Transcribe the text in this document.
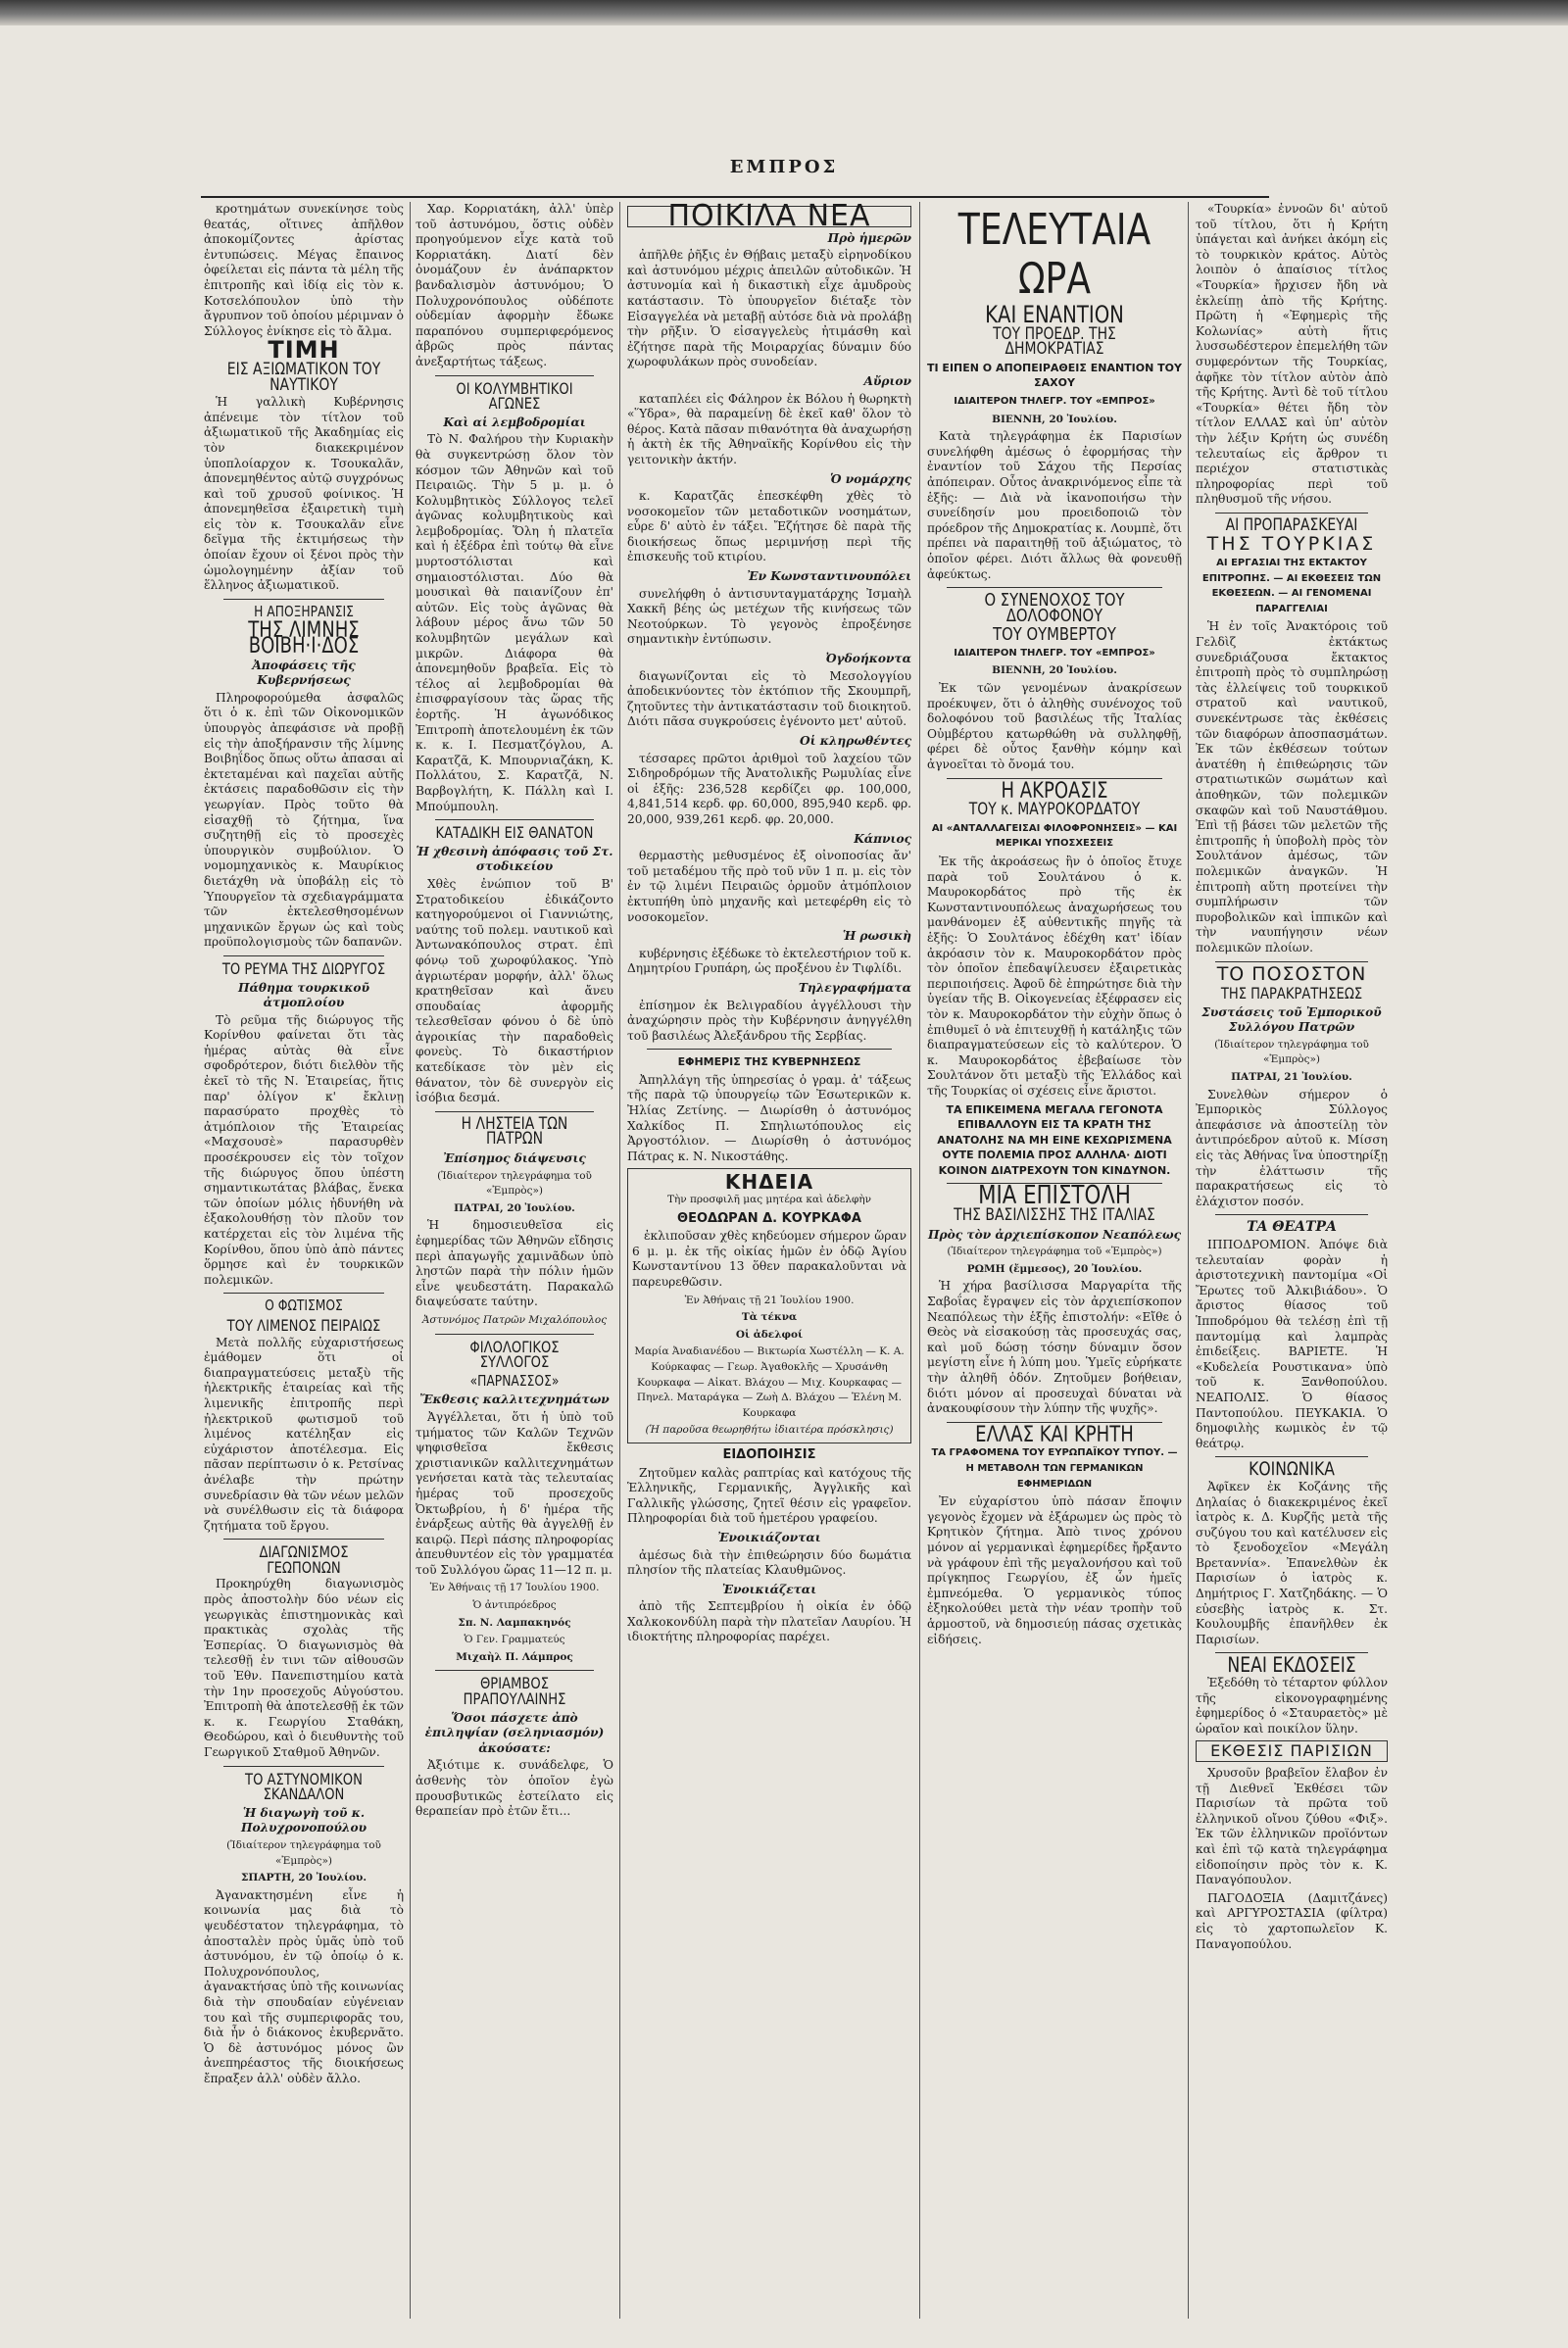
ΕΜΠΡΟΣ

κροτημάτων συνεκίνησε τοὺς θεατάς, οἵτινες ἀπῆλθον ἀποκομίζοντες ἀρίστας ἐντυπώσεις. Μέγας ἔπαινος ὀφείλεται εἰς πάντα τὰ μέλη τῆς ἐπιτροπῆς καὶ ἰδίᾳ εἰς τὸν κ. Κοτσελόπουλον ὑπὸ τὴν ἄγρυπνον τοῦ ὁποίου μέριμναν ὁ Σύλλογος ἐνίκησε εἰς τὸ ἄλμα.

ΤΙΜΗ
ΕΙΣ ΑΞΙΩΜΑΤΙΚΟΝ ΤΟΥ ΝΑΥΤΙΚΟΥ

Ἡ γαλλικὴ Κυβέρνησις ἀπένειμε τὸν τίτλον τοῦ ἀξιωματικοῦ τῆς Ἀκαδημίας εἰς τὸν διακεκριμένον ὑποπλοίαρχον κ. Τσουκαλᾶν, ἀπονεμηθέντος αὐτῷ συγχρόνως καὶ τοῦ χρυσοῦ φοίνικος. Ἡ ἀπονεμηθεῖσα ἐξαιρετικὴ τιμὴ εἰς τὸν κ. Τσουκαλᾶν εἶνε δεῖγμα τῆς ἐκτιμήσεως τὴν ὁποίαν ἔχουν οἱ ξένοι πρὸς τὴν ὡμολογημένην ἀξίαν τοῦ ἕλληνος ἀξιωματικοῦ.

Η ΑΠΟΞΗΡΑΝΣΙΣ
ΤΗΣ ΛΙΜΝΗΣ ΒΟΙΒΗ·Ι·ΔΟΣ
Ἀποφάσεις τῆς Κυβερνήσεως

Πληροφορούμεθα ἀσφαλῶς ὅτι ὁ κ. ἐπὶ τῶν Οἰκονομικῶν ὑπουργὸς ἀπεφάσισε νὰ προβῇ εἰς τὴν ἀποξήρανσιν τῆς λίμνης Βοιβηΐδος ὅπως οὕτω ἀπασαι αἱ ἐκτεταμέναι καὶ παχεῖαι αὐτῆς ἐκτάσεις παραδοθῶσιν εἰς τὴν γεωργίαν. Πρὸς τοῦτο θὰ εἰσαχθῇ τὸ ζήτημα, ἵνα συζητηθῇ εἰς τὸ προσεχὲς ὑπουργικὸν συμβούλιον. Ὁ νομομηχανικὸς κ. Μαυρίκιος διετάχθη νὰ ὑποβάλῃ εἰς τὸ Ὑπουργεῖον τὰ σχεδιαγράμματα τῶν ἐκτελεσθησομένων μηχανικῶν ἔργων ὡς καὶ τοὺς προϋπολογισμοὺς τῶν δαπανῶν.

ΤΟ ΡΕΥΜΑ ΤΗΣ ΔΙΩΡΥΓΟΣ
Πάθημα τουρκικοῦ ἀτμοπλοίου

Τὸ ρεῦμα τῆς διώρυγος τῆς Κορίνθου φαίνεται ὅτι τὰς ἡμέρας αὐτὰς θὰ εἶνε σφοδρότερον, διότι διελθὸν τῆς ἐκεῖ τὸ τῆς Ν. Ἑταιρείας, ἥτις παρ' ὀλίγον κ' ἔκλινῃ παρασύρατο προχθὲς τὸ ἀτμόπλοιον τῆς Ἑταιρείας «Μαχσουσὲ» παρασυρθὲν προσέκρουσεν εἰς τὸν τοῖχον τῆς διώρυγος ὅπου ὑπέστη σημαντικωτάτας βλάβας, ἕνεκα τῶν ὁποίων μόλις ἠδυνήθη νὰ ἐξακολουθήσῃ τὸν πλοῦν τον κατέρχεται εἰς τὸν λιμένα τῆς Κορίνθου, ὅπου ὑπὸ ἀπὸ πάντες ὅρμησε καὶ ἐν τουρκικῶν πολεμικῶν.

Ο ΦΩΤΙΣΜΟΣ
ΤΟΥ ΛΙΜΕΝΟΣ ΠΕΙΡΑΙΩΣ

Μετὰ πολλῆς εὐχαριστήσεως ἐμάθομεν ὅτι οἱ διαπραγματεύσεις μεταξὺ τῆς ἠλεκτρικῆς ἑταιρείας καὶ τῆς λιμενικῆς ἐπιτροπῆς περὶ ἠλεκτρικοῦ φωτισμοῦ τοῦ λιμένος κατέληξαν εἰς εὐχάριστον ἀποτέλεσμα. Εἰς πᾶσαν περίπτωσιν ὁ κ. Ρετσίνας ἀνέλαβε τὴν πρώτην συνεδρίασιν θὰ τῶν νέων μελῶν νὰ συνέλθωσιν εἰς τὰ διάφορα ζητήματα τοῦ ἔργου.

ΔΙΑΓΩΝΙΣΜΟΣ ΓΕΩΠΟΝΩΝ

Προκηρύχθη διαγωνισμὸς πρὸς ἀποστολὴν δύο νέων εἰς γεωργικὰς ἐπιστημονικὰς καὶ πρακτικὰς σχολὰς τῆς Ἑσπερίας. Ὁ διαγωνισμὸς θὰ τελεσθῇ ἐν τινι τῶν αἰθουσῶν τοῦ Ἐθν. Πανεπιστημίου κατὰ τὴν 1ην προσεχοῦς Αὐγούστου. Ἐπιτροπὴ θὰ ἀποτελεσθῇ ἐκ τῶν κ. κ. Γεωργίου Σταθάκη, Θεοδώρου, καὶ ὁ διευθυντὴς τοῦ Γεωργικοῦ Σταθμοῦ Ἀθηνῶν.

ΤΟ ΑΣΤΥΝΟΜΙΚΟΝ ΣΚΑΝΔΑΛΟΝ
Ἡ διαγωγὴ τοῦ κ. Πολυχρονοπούλου
(Ἰδιαίτερον τηλεγράφημα τοῦ «Ἐμπρὸς»)
ΣΠΑΡΤΗ, 20 Ἰουλίου.

Ἀγανακτησμένη εἶνε ἡ κοινωνία μας διὰ τὸ ψευδέστατον τηλεγράφημα, τὸ ἀποσταλὲν πρὸς ὑμᾶς ὑπὸ τοῦ ἀστυνόμου, ἐν τῷ ὁποίῳ ὁ κ. Πολυχρονόπουλος, ἀγανακτήσας ὑπὸ τῆς κοινωνίας διὰ τὴν σπουδαίαν εὐγένειαν του καὶ τῆς συμπεριφορᾶς του, διὰ ἦν ὁ διάκονος ἐκυβερνᾶτο. Ὁ δὲ ἀστυνόμος μόνος ὢν ἀνεπηρέαστος τῆς διοικήσεως ἔπραξεν ἀλλ' οὐδὲν ἄλλο.

Χαρ. Κορριατάκη, ἀλλ' ὑπὲρ τοῦ ἀστυνόμου, ὅστις οὐδὲν προηγούμενον εἶχε κατὰ τοῦ Κορριατάκη. Διατί δὲν ὀνομάζουν ἐν ἀνάπαρκτον βανδαλισμὸν ἀστυνόμου; Ὁ Πολυχρονόπουλος οὐδέποτε οὐδεμίαν ἀφορμὴν ἔδωκε παραπόνου συμπεριφερόμενος ἀβρῶς πρὸς πάντας ἀνεξαρτήτως τάξεως.

ΟΙ ΚΟΛΥΜΒΗΤΙΚΟΙ ΑΓΩΝΕΣ
Καὶ αἱ λεμβοδρομίαι

Τὸ Ν. Φαλήρου τὴν Κυριακὴν θὰ συγκεντρώσῃ ὅλον τὸν κόσμον τῶν Ἀθηνῶν καὶ τοῦ Πειραιῶς. Τὴν 5 μ. μ. ὁ Κολυμβητικὸς Σύλλογος τελεῖ ἀγῶνας κολυμβητικοὺς καὶ λεμβοδρομίας. Ὅλη ἡ πλατεῖα καὶ ἡ ἐξέδρα ἐπὶ τούτῳ θὰ εἶνε μυρτοστόλισται καὶ σημαιοστόλισται. Δύο θὰ μουσικαὶ θὰ παιανίζουν ἐπ' αὐτῶν. Εἰς τοὺς ἀγῶνας θὰ λάβουν μέρος ἄνω τῶν 50 κολυμβητῶν μεγάλων καὶ μικρῶν. Διάφορα θὰ ἀπονεμηθοῦν βραβεῖα. Εἰς τὸ τέλος αἱ λεμβοδρομίαι θὰ ἐπισφραγίσουν τὰς ὥρας τῆς ἑορτῆς. Ἡ ἀγωνόδικος Ἐπιτροπὴ ἀποτελουμένη ἐκ τῶν κ. κ. Ι. Πεσματζόγλου, Α. Καρατζᾶ, Κ. Μπουρνιαζάκη, Κ. Πολλάτου, Σ. Καρατζᾶ, Ν. Βαρβογλήτη, Κ. Πάλλη καὶ Ι. Μπούμπουλη.

ΚΑΤΑΔΙΚΗ ΕΙΣ ΘΑΝΑΤΟΝ
Ἡ χθεσινὴ ἀπόφασις τοῦ Στ. στοδικείου

Χθὲς ἐνώπιον τοῦ Β' Στρατοδικείου ἐδικάζοντο κατηγορούμενοι οἱ Γιαννιώτης, ναύτης τοῦ πολεμ. ναυτικοῦ καὶ Ἀντωνακόπουλος στρατ. ἐπὶ φόνῳ τοῦ χωροφύλακος. Ὑπὸ ἀγριωτέραν μορφήν, ἀλλ' ὅλως κρατηθεῖσαν καὶ ἄνευ σπουδαίας ἀφορμῆς τελεσθεῖσαν φόνου ὁ δὲ ὑπὸ ἀγροικίας τὴν παραδοθεὶς φονεὺς. Τὸ δικαστήριον κατεδίκασε τὸν μὲν εἰς θάνατον, τὸν δὲ συνεργὸν εἰς ἰσόβια δεσμά.

Η ΛΗΣΤΕΙΑ ΤΩΝ ΠΑΤΡΩΝ
Ἐπίσημος διάψευσις
(Ἰδιαίτερον τηλεγράφημα τοῦ «Ἐμπρὸς»)
ΠΑΤΡΑΙ, 20 Ἰουλίου.

Ἡ δημοσιευθεῖσα εἰς ἐφημερίδας τῶν Ἀθηνῶν εἴδησις περὶ ἀπαγωγῆς χαμινᾶδων ὑπὸ ληστῶν παρὰ τὴν πόλιν ἡμῶν εἶνε ψευδεστάτη. Παρακαλῶ διαψεύσατε ταύτην.

Ἀστυνόμος Πατρῶν Μιχαλόπουλος
ΦΙΛΟΛΟΓΙΚΟΣ ΣΥΛΛΟΓΟΣ
«ΠΑΡΝΑΣΣΟΣ»
Ἔκθεσις καλλιτεχνημάτων

Ἀγγέλλεται, ὅτι ἡ ὑπὸ τοῦ τμήματος τῶν Καλῶν Τεχνῶν ψηφισθεῖσα ἔκθεσις χριστιανικῶν καλλιτεχνημάτων γενήσεται κατὰ τὰς τελευταίας ἡμέρας τοῦ προσεχοῦς Ὀκτωβρίου, ἡ δ' ἡμέρα τῆς ἐνάρξεως αὐτῆς θὰ ἀγγελθῇ ἐν καιρῷ. Περὶ πάσης πληροφορίας ἀπευθυντέον εἰς τὸν γραμματέα τοῦ Συλλόγου ὥρας 11—12 π. μ.

Ἐν Ἀθήναις τῇ 17 Ἰουλίου 1900.
Ὁ ἀντιπρόεδρος
Σπ. Ν. Λαμπακηνός
Ὁ Γεν. Γραμματεύς
Μιχαὴλ Π. Λάμπρος
ΘΡΙΑΜΒΟΣ ΠΡΑΠΟΥΛΑΙΝΗΣ
Ὅσοι πάσχετε ἀπὸ ἐπιληψίαν (σεληνιασμόν) ἀκούσατε:

Ἀξιότιμε κ. συνάδελφε, Ὁ ἀσθενὴς τὸν ὁποῖον ἐγὼ προυσβυτικῶς ἐστείλατο εἰς θεραπείαν πρὸ ἐτῶν ἔτι...

ΠΟΙΚΙΛΑ ΝΕΑ
Πρὸ ἡμερῶν

ἀπῆλθε ῥῆξις ἐν Θῄβαις μεταξὺ εἰρηνοδίκου καὶ ἀστυνόμου μέχρις ἀπειλῶν αὐτοδικῶν. Ἡ ἀστυνομία καὶ ἡ δικαστικὴ εἶχε ἀμυδροὺς κατάστασιν. Τὸ ὑπουργεῖον διέταξε τὸν Εἰσαγγελέα νὰ μεταβῇ αὐτόσε διὰ νὰ προλάβῃ τὴν ρῆξιν. Ὁ εἰσαγγελεὺς ἠτιμάσθη καὶ ἐζήτησε παρὰ τῆς Μοιραρχίας δύναμιν δύο χωροφυλάκων πρὸς συνοδείαν.

Αὔριον

καταπλέει εἰς Φάληρον ἐκ Βόλου ἡ θωρηκτὴ «Ὕδρα», θὰ παραμείνῃ δὲ ἐκεῖ καθ' ὅλον τὸ θέρος. Κατὰ πᾶσαν πιθανότητα θὰ ἀναχωρήσῃ ἡ ἀκτὴ ἐκ τῆς Ἀθηναϊκῆς Κορίνθου εἰς τὴν γειτονικὴν ἀκτήν.

Ὁ νομάρχης

κ. Καρατζᾶς ἐπεσκέφθη χθὲς τὸ νοσοκομεῖον τῶν μεταδοτικῶν νοσημάτων, εὗρε δ' αὐτὸ ἐν τάξει. Ἔζήτησε δὲ παρὰ τῆς διοικήσεως ὅπως μεριμνήσῃ περὶ τῆς ἐπισκευῆς τοῦ κτιρίου.

Ἐν Κωνσταντινουπόλει

συνελήφθη ὁ ἀντισυνταγματάρχης Ἰσμαὴλ Χακκῆ βέης ὡς μετέχων τῆς κινήσεως τῶν Νεοτούρκων. Τὸ γεγονὸς ἐπροξένησε σημαντικὴν ἐντύπωσιν.

Ὀγδοήκοντα

διαγωνίζονται εἰς τὸ Μεσολογγίου ἀποδεικνύοντες τὸν ἐκτόπιον τῆς Σκουμπρῆ, ζητοῦντες τὴν ἀντικατάστασιν τοῦ διοικητοῦ. Διότι πᾶσα συγκρούσεις ἐγένοντο μετ' αὐτοῦ.

Οἱ κληρωθέντες

τέσσαρες πρῶτοι ἀριθμοὶ τοῦ λαχείου τῶν Σιδηροδρόμων τῆς Ἀνατολικῆς Ρωμυλίας εἶνε οἱ ἑξῆς: 236,528 κερδίζει φρ. 100,000, 4,841,514 κερδ. φρ. 60,000, 895,940 κερδ. φρ. 20,000, 939,261 κερδ. φρ. 20,000.

Κάπνιος

θερμαστὴς μεθυσμένος ἐξ οἰνοποσίας ἄν' τοῦ μεταδέμου τῆς πρὸ τοῦ νῦν 1 π. μ. εἰς τὸν ἐν τῷ λιμένι Πειραιῶς ὁρμοῦν ἀτμόπλοιον ἐκτυπήθη ὑπὸ μηχανῆς καὶ μετεφέρθη εἰς τὸ νοσοκομεῖον.

Ἡ ρωσικὴ

κυβέρνησις ἐξέδωκε τὸ ἐκτελεστήριον τοῦ κ. Δημητρίου Γρυπάρη, ὡς προξένου ἐν Τιφλίδι.

Τηλεγραφήματα

ἐπίσημον ἐκ Βελιγραδίου ἀγγέλλουσι τὴν ἀναχώρησιν πρὸς τὴν Κυβέρνησιν ἀνηγγέλθη τοῦ βασιλέως Ἀλεξάνδρου τῆς Σερβίας.

ΕΦΗΜΕΡΙΣ ΤΗΣ ΚΥΒΕΡΝΗΣΕΩΣ

Ἀπηλλάγη τῆς ὑπηρεσίας ὁ γραμ. ἀ' τάξεως τῆς παρὰ τῷ ὑπουργείῳ τῶν Ἐσωτερικῶν κ. Ἠλίας Ζετίνης. — Διωρίσθη ὁ ἀστυνόμος Χαλκίδος Π. Σπηλιωτόπουλος εἰς Ἀργοστόλιον. — Διωρίσθη ὁ ἀστυνόμος Πάτρας κ. Ν. Νικοστάθης.

ΚΗΔΕΙΑ
Τὴν προσφιλῆ μας μητέρα καὶ ἀδελφὴν
ΘΕΟΔΩΡΑΝ Δ. ΚΟΥΡΚΑΦΑ

ἐκλιποῦσαν χθὲς κηδεύομεν σήμερον ὥραν 6 μ. μ. ἐκ τῆς οἰκίας ἡμῶν ἐν ὁδῷ Ἀγίου Κωνσταντίνου 13 ὅθεν παρακαλοῦνται νὰ παρευρεθῶσιν.

Ἐν Ἀθήναις τῇ 21 Ἰουλίου 1900.
Τὰ τέκνα
Οἱ ἀδελφοί
Μαρία Ἀναδιανέδου — Βικτωρία Χωστέλλη — Κ. Α. Κούρκαφας — Γεωρ. Ἀγαθοκλῆς — Χρυσάνθη Κουρκαφα — Αἰκατ. Βλάχου — Μιχ. Κουρκαφας — Πηνελ. Ματαράγκα — Ζωὴ Δ. Βλάχου — Ἑλένη Μ. Κουρκαφα
(Ἡ παροῦσα θεωρηθήτω ἰδιαιτέρα πρόσκλησις)
ΕΙΔΟΠΟΙΗΣΙΣ

Ζητοῦμεν καλὰς ραπτρίας καὶ κατόχους τῆς Ἑλληνικῆς, Γερμανικῆς, Ἀγγλικῆς καὶ Γαλλικῆς γλώσσης, ζητεῖ θέσιν εἰς γραφεῖον. Πληροφορίαι διὰ τοῦ ἡμετέρου γραφείου.

Ἐνοικιάζονται

ἀμέσως διὰ τὴν ἐπιθεώρησιν δύο δωμάτια πλησίον τῆς πλατείας Κλαυθμῶνος.

Ἐνοικιάζεται

ἀπὸ τῆς Σεπτεμβρίου ἡ οἰκία ἐν ὁδῷ Χαλκοκονδύλη παρὰ τὴν πλατεῖαν Λαυρίου. Ἡ ιδιοκτήτης πληροφορίας παρέχει.

ΤΕΛΕΥΤΑΙΑ ΩΡΑ
ΚΑΙ ΕΝΑΝΤΙΟΝ
ΤΟΥ ΠΡΟΕΔΡ. ΤΗΣ ΔΗΜΟΚΡΑΤΙΑΣ
ΤΙ ΕΙΠΕΝ Ο ΑΠΟΠΕΙΡΑΘΕΙΣ ΕΝΑΝΤΙΟΝ ΤΟΥ ΣΑΧΟΥ
ΙΔΙΑΙΤΕΡΟΝ ΤΗΛΕΓΡ. ΤΟΥ «ΕΜΠΡΟΣ»
ΒΙΕΝΝΗ, 20 Ἰουλίου.

Κατὰ τηλεγράφημα ἐκ Παρισίων συνελήφθη ἀμέσως ὁ ἐφορμήσας τὴν ἐναντίον τοῦ Σάχου τῆς Περσίας ἀπόπειραν. Οὗτος ἀνακρινόμενος εἶπε τὰ ἑξῆς: — Διὰ νὰ ἱκανοποιήσω τὴν συνείδησίν μου προειδοποιῶ τὸν πρόεδρον τῆς Δημοκρατίας κ. Λουμπὲ, ὅτι πρέπει νὰ παραιτηθῇ τοῦ ἀξιώματος, τὸ ὁποῖον φέρει. Διότι ἄλλως θὰ φονευθῇ ἀφεύκτως.

Ο ΣΥΝΕΝΟΧΟΣ ΤΟΥ ΔΟΛΟΦΟΝΟΥ
ΤΟΥ ΟΥΜΒΕΡΤΟΥ
ΙΔΙΑΙΤΕΡΟΝ ΤΗΛΕΓΡ. ΤΟΥ «ΕΜΠΡΟΣ»
ΒΙΕΝΝΗ, 20 Ἰουλίου.

Ἐκ τῶν γενομένων ἀνακρίσεων προέκυψεν, ὅτι ὁ ἀληθὴς συνένοχος τοῦ δολοφόνου τοῦ βασιλέως τῆς Ἰταλίας Οὐμβέρτου κατωρθώθη νὰ συλληφθῇ, φέρει δὲ οὗτος ξανθὴν κόμην καὶ ἀγνοεῖται τὸ ὄνομά του.

Η ΑΚΡΟΑΣΙΣ
ΤΟΥ κ. ΜΑΥΡΟΚΟΡΔΑΤΟΥ
ΑΙ «ΑΝΤΑΛΛΑΓΕΙΣΑΙ ΦΙΛΟΦΡΟΝΗΣΕΙΣ» — ΚΑΙ ΜΕΡΙΚΑΙ ΥΠΟΣΧΕΣΕΙΣ

Ἐκ τῆς ἀκροάσεως ἣν ὁ ὁποῖος ἔτυχε παρὰ τοῦ Σουλτάνου ὁ κ. Μαυροκορδάτος πρὸ τῆς ἐκ Κωνσταντινουπόλεως ἀναχωρήσεως του μανθάνομεν ἐξ αὐθεντικῆς πηγῆς τὰ ἑξῆς: Ὁ Σουλτάνος ἐδέχθη κατ' ἰδίαν ἀκρόασιν τὸν κ. Μαυροκορδάτον πρὸς τὸν ὁποῖον ἐπεδαψίλευσεν ἐξαιρετικὰς περιποιήσεις. Ἀφοῦ δὲ ἐπηρώτησε διὰ τὴν ὑγείαν τῆς Β. Οἰκογενείας ἐξέφρασεν εἰς τὸν κ. Μαυροκορδάτον τὴν εὐχὴν ὅπως ὁ ἐπιθυμεῖ ὁ νὰ ἐπιτευχθῇ ἡ κατάληξις τῶν διαπραγματεύσεων εἰς τὸ καλύτερον. Ὁ κ. Μαυροκορδάτος ἐβεβαίωσε τὸν Σουλτάνον ὅτι μεταξὺ τῆς Ἑλλάδος καὶ τῆς Τουρκίας οἱ σχέσεις εἶνε ἄριστοι.

ΤΑ ΕΠΙΚΕΙΜΕΝΑ ΜΕΓΑΛΑ ΓΕΓΟΝΟΤΑ ΕΠΙΒΑΛΛΟΥΝ ΕΙΣ ΤΑ ΚΡΑΤΗ ΤΗΣ ΑΝΑΤΟΛΗΣ ΝΑ ΜΗ ΕΙΝΕ ΚΕΧΩΡΙΣΜΕΝΑ ΟΥΤΕ ΠΟΛΕΜΙΑ ΠΡΟΣ ΑΛΛΗΛΑ· ΔΙΟΤΙ ΚΟΙΝΟΝ ΔΙΑΤΡΕΧΟΥΝ ΤΟΝ ΚΙΝΔΥΝΟΝ.
ΜΙΑ ΕΠΙΣΤΟΛΗ
ΤΗΣ ΒΑΣΙΛΙΣΣΗΣ ΤΗΣ ΙΤΑΛΙΑΣ
Πρὸς τὸν ἀρχιεπίσκοπον Νεαπόλεως
(Ἰδιαίτερον τηλεγράφημα τοῦ «Ἐμπρὸς»)
ΡΩΜΗ (ἔμμεσος), 20 Ἰουλίου.

Ἡ χήρα βασίλισσα Μαργαρίτα τῆς Σαβοΐας ἔγραψεν εἰς τὸν ἀρχιεπίσκοπον Νεαπόλεως τὴν ἑξῆς ἐπιστολήν: «Εἴθε ὁ Θεὸς νὰ εἰσακούσῃ τὰς προσευχάς σας, καὶ μοῦ δώσῃ τόσην δύναμιν ὅσον μεγίστη εἶνε ἡ λύπη μου. Ὑμεῖς εὐρήκατε τὴν ἀληθῆ ὁδόν. Ζητοῦμεν βοήθειαν, διότι μόνον αἱ προσευχαὶ δύναται νὰ ἀνακουφίσουν τὴν λύπην τῆς ψυχῆς».

ΕΛΛΑΣ ΚΑΙ ΚΡΗΤΗ
ΤΑ ΓΡΑΦΟΜΕΝΑ ΤΟΥ ΕΥΡΩΠΑΪΚΟΥ ΤΥΠΟΥ. — Η ΜΕΤΑΒΟΛΗ ΤΩΝ ΓΕΡΜΑΝΙΚΩΝ ΕΦΗΜΕΡΙΔΩΝ

Ἐν εὐχαρίστου ὑπὸ πάσαν ἔποψιν γεγονὸς ἔχομεν νὰ ἐξάρωμεν ὡς πρὸς τὸ Κρητικὸν ζήτημα. Ἀπὸ τινος χρόνου μόνον αἱ γερμανικαὶ ἐφημερίδες ἤρξαντο νὰ γράφουν ἐπὶ τῆς μεγαλονήσου καὶ τοῦ πρίγκηπος Γεωργίου, ἐξ ὧν ἡμεῖς ἐμπνεόμεθα. Ὁ γερμανικὸς τύπος ἐξηκολούθει μετὰ τὴν νέαν τροπὴν τοῦ ἁρμοστοῦ, νὰ δημοσιεύῃ πάσας σχετικὰς εἰδήσεις.

«Τουρκία» ἐννοῶν δι' αὐτοῦ τοῦ τίτλου, ὅτι ἡ Κρήτη ὑπάγεται καὶ ἀνήκει ἀκόμη εἰς τὸ τουρκικὸν κράτος. Αὐτὸς λοιπὸν ὁ ἀπαίσιος τίτλος «Τουρκία» ἤρχισεν ἤδη νὰ ἐκλείπῃ ἀπὸ τῆς Κρήτης. Πρῶτη ἡ «Ἐφημερὶς τῆς Κολωνίας» αὐτὴ ἥτις λυσσωδέστερον ἐπεμελήθη τῶν συμφερόντων τῆς Τουρκίας, ἀφῆκε τὸν τίτλον αὐτὸν ἀπὸ τῆς Κρήτης. Ἀντὶ δὲ τοῦ τίτλου «Τουρκία» θέτει ἤδη τὸν τίτλον ΕΛΛΑΣ καὶ ὑπ' αὐτὸν τὴν λέξιν Κρήτη ὡς συνέδη τελευταίως εἰς ἄρθρον τι περιέχον στατιστικὰς πληροφορίας περὶ τοῦ πληθυσμοῦ τῆς νήσου.

ΑΙ ΠΡΟΠΑΡΑΣΚΕΥΑΙ
ΤΗΣ ΤΟΥΡΚΙΑΣ
ΑΙ ΕΡΓΑΣΙΑΙ ΤΗΣ ΕΚΤΑΚΤΟΥ ΕΠΙΤΡΟΠΗΣ. — ΑΙ ΕΚΘΕΣΕΙΣ ΤΩΝ ΕΚΘΕΣΕΩΝ. — ΑΙ ΓΕΝΟΜΕΝΑΙ ΠΑΡΑΓΓΕΛΙΑΙ

Ἡ ἐν τοῖς Ἀνακτόροις τοῦ Γελδὶζ ἐκτάκτως συνεδριάζουσα ἔκτακτος ἐπιτροπὴ πρὸς τὸ συμπληρώσῃ τὰς ἐλλείψεις τοῦ τουρκικοῦ στρατοῦ καὶ ναυτικοῦ, συνεκέντρωσε τὰς ἐκθέσεις τῶν διαφόρων ἀποσπασμάτων. Ἐκ τῶν ἐκθέσεων τούτων ἀνατέθη ἡ ἐπιθεώρησις τῶν στρατιωτικῶν σωμάτων καὶ ἀποθηκῶν, τῶν πολεμικῶν σκαφῶν καὶ τοῦ Ναυστάθμου. Ἐπὶ τῇ βάσει τῶν μελετῶν τῆς ἐπιτροπῆς ἡ ὑποβολὴ πρὸς τὸν Σουλτάνον ἀμέσως, τῶν πολεμικῶν ἀναγκῶν. Ἡ ἐπιτροπὴ αὕτη προτείνει τὴν συμπλήρωσιν τῶν πυροβολικῶν καὶ ἱππικῶν καὶ τὴν ναυπήγησιν νέων πολεμικῶν πλοίων.

ΤΟ ΠΟΣΟΣΤΟΝ
ΤΗΣ ΠΑΡΑΚΡΑΤΗΣΕΩΣ
Συστάσεις τοῦ Ἐμπορικοῦ Συλλόγου Πατρῶν
(Ἰδιαίτερον τηλεγράφημα τοῦ «Ἐμπρὸς»)
ΠΑΤΡΑΙ, 21 Ἰουλίου.

Συνελθὼν σήμερον ὁ Ἐμπορικὸς Σύλλογος ἀπεφάσισε νὰ ἀποστείλῃ τὸν ἀντιπρόεδρον αὐτοῦ κ. Μίσση εἰς τὰς Ἀθήνας ἵνα ὑποστηρίξῃ τὴν ἐλάττωσιν τῆς παρακρατήσεως εἰς τὸ ἐλάχιστον ποσόν.

ΤΑ ΘΕΑΤΡΑ

ΙΠΠΟΔΡΟΜΙΟΝ. Ἀπόψε διὰ τελευταίαν φορὰν ἡ ἀριστοτεχνικὴ παντομίμα «Οἱ Ἔρωτες τοῦ Ἀλκιβιάδου». Ὁ ἄριστος θίασος τοῦ Ἱπποδρόμου θὰ τελέσῃ ἐπὶ τῇ παντομίμᾳ καὶ λαμπρὰς ἐπιδείξεις. ΒΑΡΙΕΤΕ. Ἡ «Κυδελεία Ρουστικανα» ὑπὸ τοῦ κ. Ξανθοπούλου. ΝΕΑΠΟΛΙΣ. Ὁ θίασος Παντοπούλου. ΠΕΥΚΑΚΙΑ. Ὁ δημοφιλὴς κωμικὸς ἐν τῷ θεάτρῳ.

ΚΟΙΝΩΝΙΚΑ

Ἀφῖκεν ἐκ Κοζάνης τῆς Δηλαίας ὁ διακεκριμένος ἐκεῖ ἰατρὸς κ. Δ. Κυρζῆς μετὰ τῆς συζύγου του καὶ κατέλυσεν εἰς τὸ ξενοδοχεῖον «Μεγάλη Βρεταννία». Ἐπανελθὼν ἐκ Παρισίων ὁ ἰατρὸς κ. Δημήτριος Γ. Χατζηδάκης. — Ὁ εὐσεβὴς ἰατρὸς κ. Στ. Κουλουμβῆς ἐπανῆλθεν ἐκ Παρισίων.

ΝΕΑΙ ΕΚΔΟΣΕΙΣ

Ἐξεδόθη τὸ τέταρτον φύλλον τῆς εἰκονογραφημένης ἐφημερίδος ὁ «Σταυραετὸς» μὲ ὡραῖον καὶ ποικίλον ὕλην.

ΕΚΘΕΣΙΣ ΠΑΡΙΣΙΩΝ

Χρυσοῦν βραβεῖον ἔλαβον ἐν τῇ Διεθνεῖ Ἐκθέσει τῶν Παρισίων τὰ πρῶτα τοῦ ἐλληνικοῦ οἴνου ζύθου «Φιξ». Ἐκ τῶν ἐλληνικῶν προϊόντων καὶ ἐπὶ τῷ κατὰ τηλεγράφημα εἰδοποίησιν πρὸς τὸν κ. Κ. Παναγόπουλον.

ΠΑΓΟΔΟΞΙΑ (Δαμιτζάνες) καὶ ΑΡΓΥΡΟΣΤΑΣΙΑ (φίλτρα) εἰς τὸ χαρτοπωλεῖον Κ. Παναγοπούλου.
